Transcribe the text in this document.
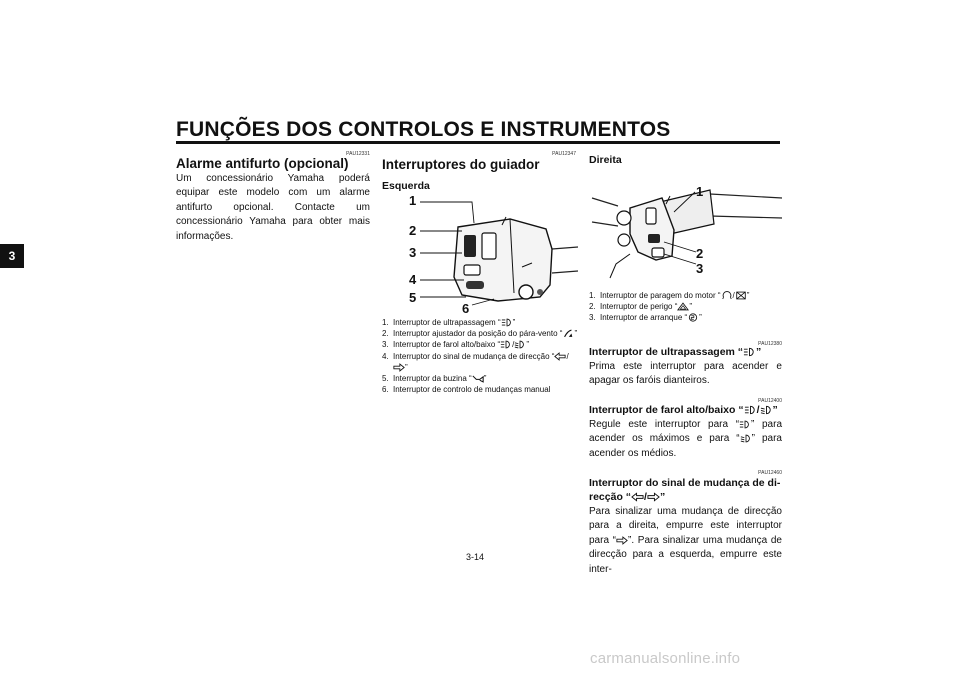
FUNÇÕES DOS CONTROLOS E INSTRUMENTOS
3
PAU12331
Alarme antifurto (opcional)
Um concessionário Yamaha poderá equipar este modelo com um alarme antifurto opcional. Contacte um concessionário Yamaha para obter mais informações.
PAU12347
Interruptores do guiador
Esquerda
1
2
3
4
5
6
1. Interruptor de ultrapassagem “ ”
2. Interruptor ajustador da posição do pára-vento “ ”
3. Interruptor de farol alto/baixo “ / ”
4. Interruptor do sinal de mudança de direcção “ /”
5. Interruptor da buzina “ ”
6. Interruptor de controlo de mudanças manual
Direita
1
2
3
1. Interruptor de paragem do motor “ / ”
2. Interruptor de perigo “ ”
3. Interruptor de arranque “ ”
PAU12380
Interruptor de ultrapassagem “ ”
Prima este interruptor para acender e apagar os faróis dianteiros.
PAU12400
Interruptor de farol alto/baixo “ / ”
Regule este interruptor para “ ” para acender os máximos e para “ ” para acender os médios.
PAU12460
Interruptor do sinal de mudança de di-
recção “ / ”
Para sinalizar uma mudança de direcção para a direita, empurre este interruptor para “ ”. Para sinalizar uma mudança de direcção para a esquerda, empurre este inter-
3-14
carmanualsonline.info
